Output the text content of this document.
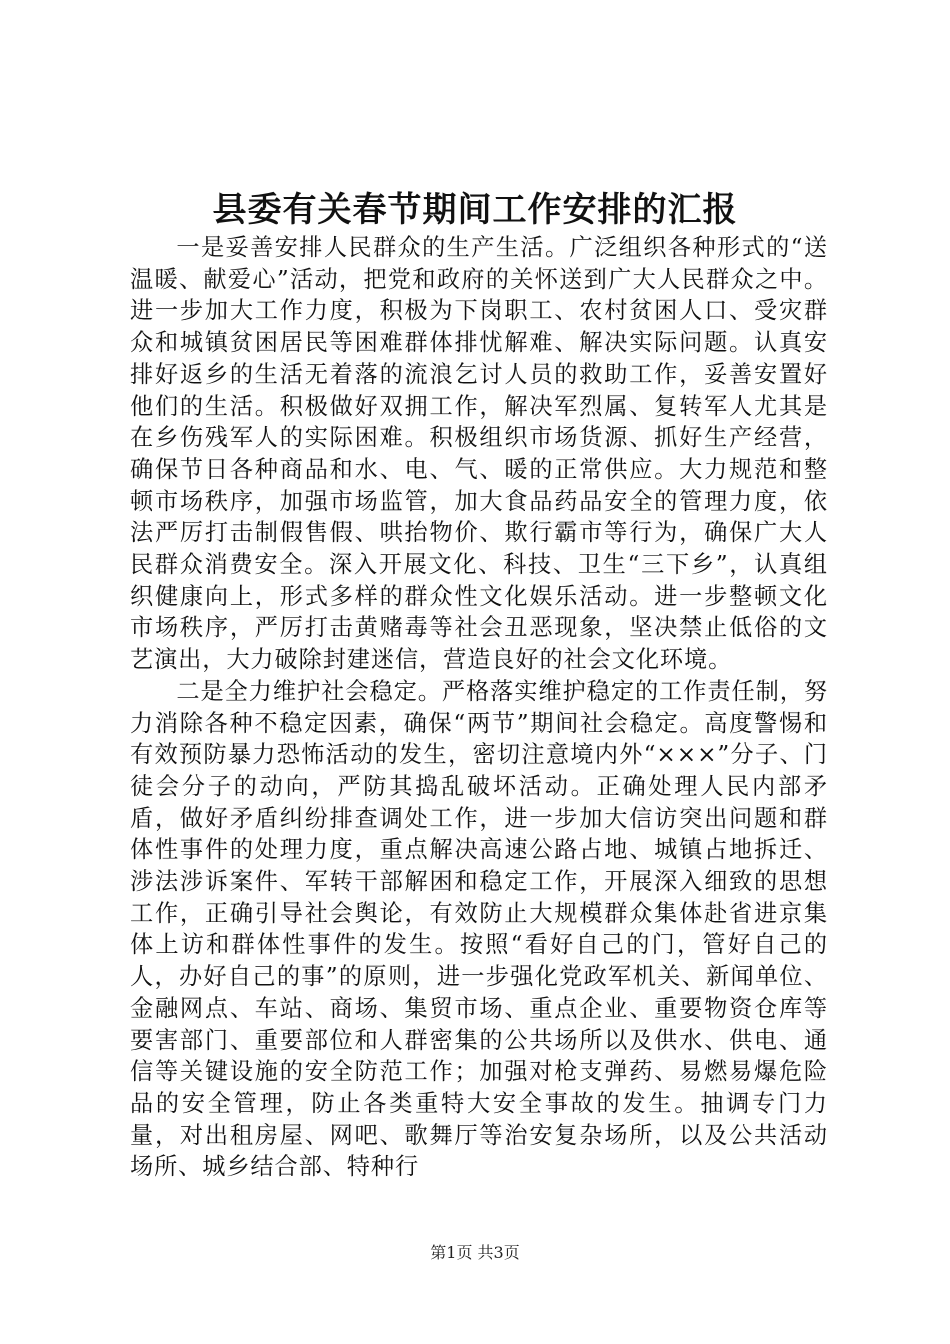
县委有关春节期间工作安排的汇报

一是妥善安排人民群众的生产生活。广泛组织各种形式的“送温暖、献爱心”活动，把党和政府的关怀送到广大人民群众之中。进一步加大工作力度，积极为下岗职工、农村贫困人口、受灾群众和城镇贫困居民等困难群体排忧解难、解决实际问题。认真安排好返乡的生活无着落的流浪乞讨人员的救助工作，妥善安置好他们的生活。积极做好双拥工作，解决军烈属、复转军人尤其是在乡伤残军人的实际困难。积极组织市场货源、抓好生产经营，确保节日各种商品和水、电、气、暖的正常供应。大力规范和整顿市场秩序，加强市场监管，加大食品药品安全的管理力度，依法严厉打击制假售假、哄抬物价、欺行霸市等行为，确保广大人民群众消费安全。深入开展文化、科技、卫生“三下乡”，认真组织健康向上，形式多样的群众性文化娱乐活动。进一步整顿文化市场秩序，严厉打击黄赌毒等社会丑恶现象，坚决禁止低俗的文艺演出，大力破除封建迷信，营造良好的社会文化环境。

二是全力维护社会稳定。严格落实维护稳定的工作责任制，努力消除各种不稳定因素，确保“两节”期间社会稳定。高度警惕和有效预防暴力恐怖活动的发生，密切注意境内外“×××”分子、门徒会分子的动向，严防其捣乱破坏活动。正确处理人民内部矛盾，做好矛盾纠纷排查调处工作，进一步加大信访突出问题和群体性事件的处理力度，重点解决高速公路占地、城镇占地拆迁、涉法涉诉案件、军转干部解困和稳定工作，开展深入细致的思想工作，正确引导社会舆论，有效防止大规模群众集体赴省进京集体上访和群体性事件的发生。按照“看好自己的门，管好自己的人，办好自己的事”的原则，进一步强化党政军机关、新闻单位、金融网点、车站、商场、集贸市场、重点企业、重要物资仓库等要害部门、重要部位和人群密集的公共场所以及供水、供电、通信等关键设施的安全防范工作；加强对枪支弹药、易燃易爆危险品的安全管理，防止各类重特大安全事故的发生。抽调专门力量，对出租房屋、网吧、歌舞厅等治安复杂场所，以及公共活动场所、城乡结合部、特种行

第1页 共3页
